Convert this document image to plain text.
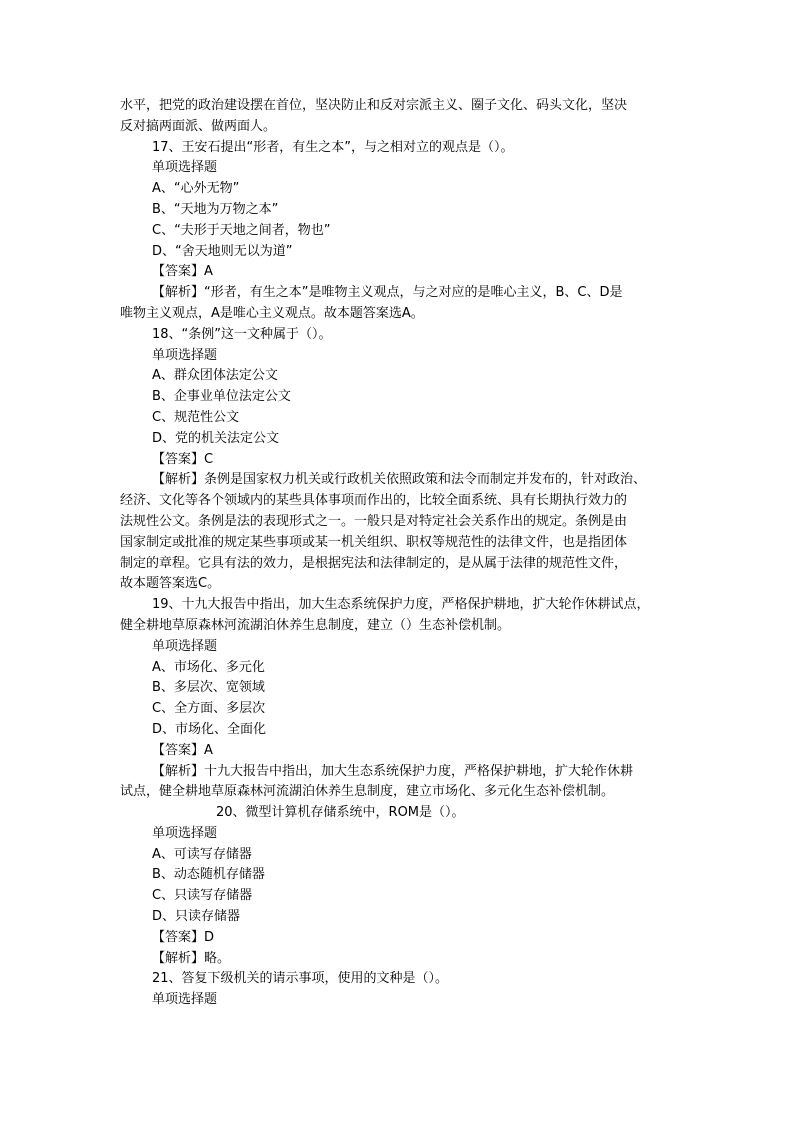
水平，把党的政治建设摆在首位，坚决防止和反对宗派主义、圈子文化、码头文化，坚决
反对搞两面派、做两面人。
17、王安石提出“形者，有生之本”，与之相对立的观点是（）。
单项选择题
A、“心外无物”
B、“天地为万物之本”
C、“夫形于天地之间者，物也”
D、“舍天地则无以为道”
【答案】A
【解析】“形者，有生之本”是唯物主义观点，与之对应的是唯心主义，B、C、D是
唯物主义观点，A是唯心主义观点。故本题答案选A。
18、“条例”这一文种属于（）。
单项选择题
A、群众团体法定公文
B、企事业单位法定公文
C、规范性公文
D、党的机关法定公文
【答案】C
【解析】条例是国家权力机关或行政机关依照政策和法令而制定并发布的，针对政治、
经济、文化等各个领域内的某些具体事项而作出的，比较全面系统、具有长期执行效力的
法规性公文。条例是法的表现形式之一。一般只是对特定社会关系作出的规定。条例是由
国家制定或批准的规定某些事项或某一机关组织、职权等规范性的法律文件，也是指团体
制定的章程。它具有法的效力，是根据宪法和法律制定的，是从属于法律的规范性文件，
故本题答案选C。
19、十九大报告中指出，加大生态系统保护力度，严格保护耕地，扩大轮作休耕试点，
健全耕地草原森林河流湖泊休养生息制度，建立（）生态补偿机制。
单项选择题
A、市场化、多元化
B、多层次、宽领域
C、全方面、多层次
D、市场化、全面化
【答案】A
【解析】十九大报告中指出，加大生态系统保护力度，严格保护耕地，扩大轮作休耕
试点，健全耕地草原森林河流湖泊休养生息制度，建立市场化、多元化生态补偿机制。
20、微型计算机存储系统中，ROM是（）。
单项选择题
A、可读写存储器
B、动态随机存储器
C、只读写存储器
D、只读存储器
【答案】D
【解析】略。
21、答复下级机关的请示事项，使用的文种是（）。
单项选择题
